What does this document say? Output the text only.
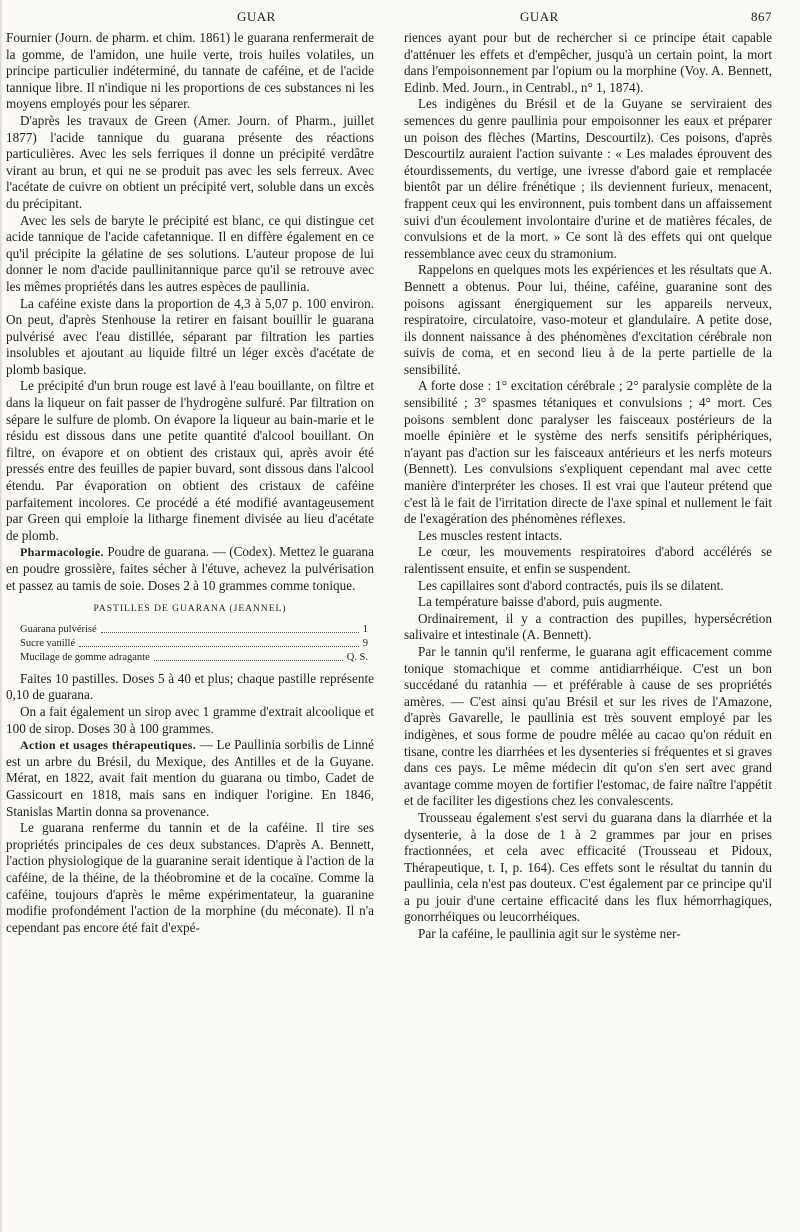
GUAR	GUAR	867

Fournier (Journ. de pharm. et chim. 1861) le guarana renfermerait de la gomme, de l'amidon, une huile verte, trois huiles volatiles, un principe particulier indéterminé, du tannate de caféine, et de l'acide tannique libre. Il n'indique ni les proportions de ces substances ni les moyens employés pour les séparer.

D'après les travaux de Green (Amer. Journ. of Pharm., juillet 1877) l'acide tannique du guarana présente des réactions particulières. Avec les sels ferriques il donne un précipité verdâtre virant au brun, et qui ne se produit pas avec les sels ferreux. Avec l'acétate de cuivre on obtient un précipité vert, soluble dans un excès du précipitant.

Avec les sels de baryte le précipité est blanc, ce qui distingue cet acide tannique de l'acide cafetannique. Il en diffère également en ce qu'il précipite la gélatine de ses solutions. L'auteur propose de lui donner le nom d'acide paullinitannique parce qu'il se retrouve avec les mêmes propriétés dans les autres espèces de paullinia.

La caféine existe dans la proportion de 4,3 à 5,07 p. 100 environ. On peut, d'après Stenhouse la retirer en faisant bouillir le guarana pulvérisé avec l'eau distillée, séparant par filtration les parties insolubles et ajoutant au liquide filtré un léger excès d'acétate de plomb basique.

Le précipité d'un brun rouge est lavé à l'eau bouillante, on filtre et dans la liqueur on fait passer de l'hydrogène sulfuré. Par filtration on sépare le sulfure de plomb. On évapore la liqueur au bain-marie et le résidu est dissous dans une petite quantité d'alcool bouillant. On filtre, on évapore et on obtient des cristaux qui, après avoir été pressés entre des feuilles de papier buvard, sont dissous dans l'alcool étendu. Par évaporation on obtient des cristaux de caféine parfaitement incolores. Ce procédé a été modifié avantageusement par Green qui emploie la litharge finement divisée au lieu d'acétate de plomb.

Pharmacologie. Poudre de guarana. — (Codex). Mettez le guarana en poudre grossière, faites sécher à l'étuve, achevez la pulvérisation et passez au tamis de soie. Doses 2 à 10 grammes comme tonique.

PASTILLES DE GUARANA (JEANNEL)
Guarana pulvérisé	1
Sucre vanillé	9
Mucilage de gomme adragante	Q. S.

Faites 10 pastilles. Doses 5 à 40 et plus; chaque pastille représente 0,10 de guarana.

On a fait également un sirop avec 1 gramme d'extrait alcoolique et 100 de sirop. Doses 30 à 100 grammes.

Action et usages thérapeutiques. — Le Paullinia sorbilis de Linné est un arbre du Brésil, du Mexique, des Antilles et de la Guyane. Mérat, en 1822, avait fait mention du guarana ou timbo, Cadet de Gassicourt en 1818, mais sans en indiquer l'origine. En 1846, Stanislas Martin donna sa provenance.

Le guarana renferme du tannin et de la caféine. Il tire ses propriétés principales de ces deux substances. D'après A. Bennett, l'action physiologique de la guaranine serait identique à l'action de la caféine, de la théine, de la théobromine et de la cocaïne. Comme la caféine, toujours d'après le même expérimentateur, la guaranine modifie profondément l'action de la morphine (du méconate). Il n'a cependant pas encore été fait d'expé-

riences ayant pour but de rechercher si ce principe était capable d'atténuer les effets et d'empêcher, jusqu'à un certain point, la mort dans l'empoisonnement par l'opium ou la morphine (Voy. A. Bennett, Edinb. Med. Journ., in Centrabl., n° 1, 1874).

Les indigènes du Brésil et de la Guyane se serviraient des semences du genre paullinia pour empoisonner les eaux et préparer un poison des flèches (Martins, Descourtilz). Ces poisons, d'après Descourtilz auraient l'action suivante : « Les malades éprouvent des étourdissements, du vertige, une ivresse d'abord gaie et remplacée bientôt par un délire frénétique ; ils deviennent furieux, menacent, frappent ceux qui les environnent, puis tombent dans un affaissement suivi d'un écoulement involontaire d'urine et de matières fécales, de convulsions et de la mort. » Ce sont là des effets qui ont quelque ressemblance avec ceux du stramonium.

Rappelons en quelques mots les expériences et les résultats que A. Bennett a obtenus. Pour lui, théine, caféine, guaranine sont des poisons agissant énergiquement sur les appareils nerveux, respiratoire, circulatoire, vaso-moteur et glandulaire. A petite dose, ils donnent naissance à des phénomènes d'excitation cérébrale non suivis de coma, et en second lieu à de la perte partielle de la sensibilité.

A forte dose : 1° excitation cérébrale ; 2° paralysie complète de la sensibilité ; 3° spasmes tétaniques et convulsions ; 4° mort. Ces poisons semblent donc paralyser les faisceaux postérieurs de la moelle épinière et le système des nerfs sensitifs périphériques, n'ayant pas d'action sur les faisceaux antérieurs et les nerfs moteurs (Bennett). Les convulsions s'expliquent cependant mal avec cette manière d'interpréter les choses. Il est vrai que l'auteur prétend que c'est là le fait de l'irritation directe de l'axe spinal et nullement le fait de l'exagération des phénomènes réflexes.

Les muscles restent intacts.

Le cœur, les mouvements respiratoires d'abord accélérés se ralentissent ensuite, et enfin se suspendent.

Les capillaires sont d'abord contractés, puis ils se dilatent.

La température baisse d'abord, puis augmente.

Ordinairement, il y a contraction des pupilles, hypersécrétion salivaire et intestinale (A. Bennett).

Par le tannin qu'il renferme, le guarana agit efficacement comme tonique stomachique et comme antidiarrhéique. C'est un bon succédané du ratanhia — et préférable à cause de ses propriétés amères. — C'est ainsi qu'au Brésil et sur les rives de l'Amazone, d'après Gavarelle, le paullinia est très souvent employé par les indigènes, et sous forme de poudre mêlée au cacao qu'on réduit en tisane, contre les diarrhées et les dysenteries si fréquentes et si graves dans ces pays. Le même médecin dit qu'on s'en sert avec grand avantage comme moyen de fortifier l'estomac, de faire naître l'appétit et de faciliter les digestions chez les convalescents.

Trousseau également s'est servi du guarana dans la diarrhée et la dysenterie, à la dose de 1 à 2 grammes par jour en prises fractionnées, et cela avec efficacité (Trousseau et Pidoux, Thérapeutique, t. I, p. 164). Ces effets sont le résultat du tannin du paullinia, cela n'est pas douteux. C'est également par ce principe qu'il a pu jouir d'une certaine efficacité dans les flux hémorrhagiques, gonorrhéiques ou leucorrhéiques.

Par la caféine, le paullinia agit sur le système ner-
